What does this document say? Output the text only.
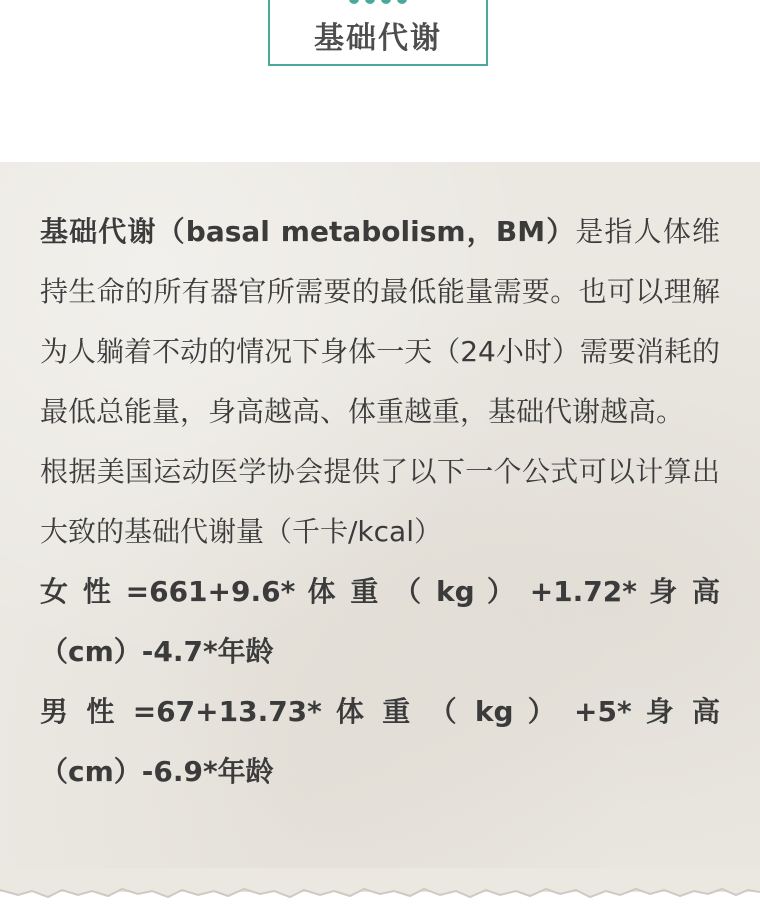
基础代谢

基础代谢（basal metabolism，BM）是指人体维持生命的所有器官所需要的最低能量需要。也可以理解为人躺着不动的情况下身体一天（24小时）需要消耗的最低总能量，身高越高、体重越重，基础代谢越高。

根据美国运动医学协会提供了以下一个公式可以计算出大致的基础代谢量（千卡/kcal）

女 性 =661+9.6* 体 重 （ kg ） +1.72* 身 高（cm）-4.7*年龄

男 性 =67+13.73* 体 重 （ kg ） +5* 身 高（cm）-6.9*年龄
